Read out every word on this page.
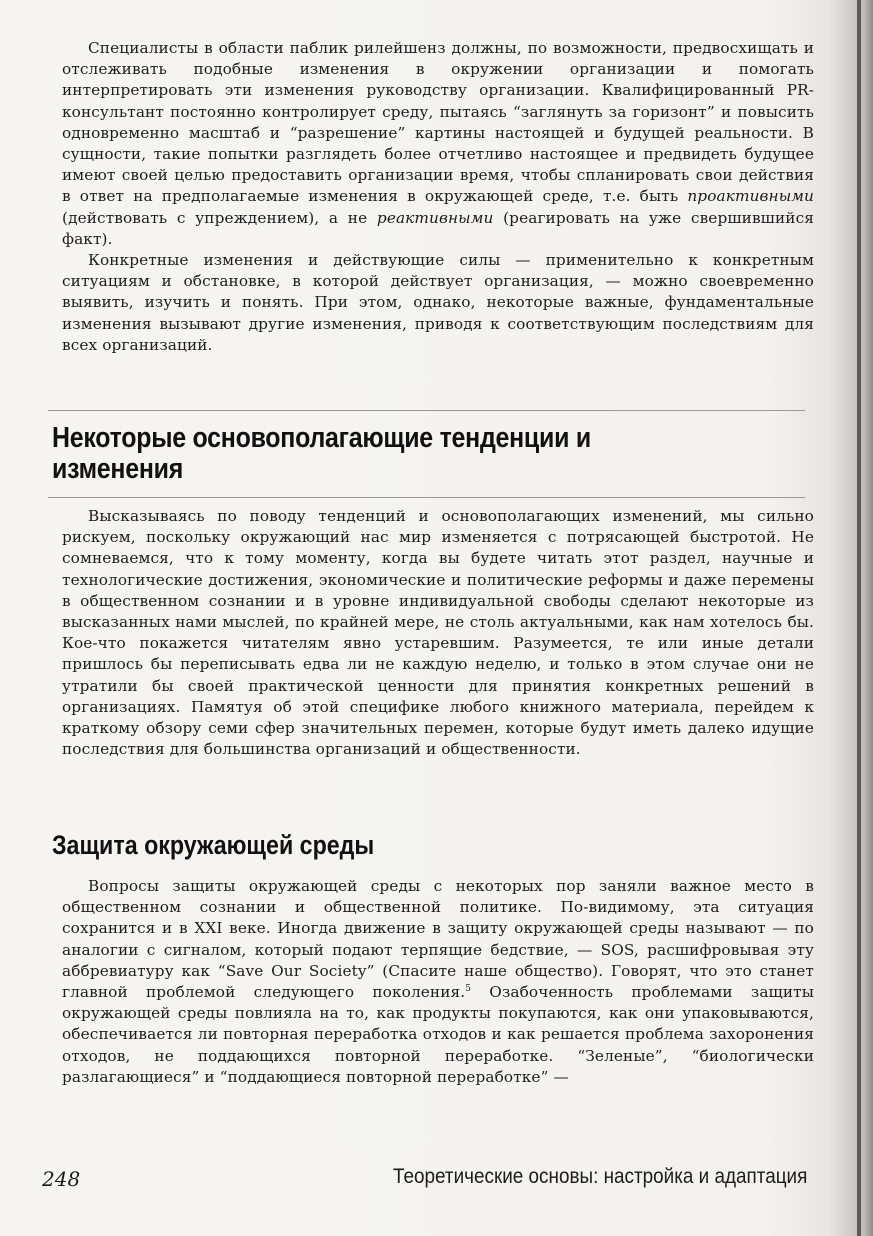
Специалисты в области паблик рилейшенз должны, по возможности, предвосхищать и отслеживать подобные изменения в окружении организации и помогать интерпретировать эти изменения руководству организации. Квалифицированный PR-консультант постоянно контролирует среду, пытаясь “заглянуть за горизонт” и повысить одновременно масштаб и “разрешение” картины настоящей и будущей реальности. В сущности, такие попытки разглядеть более отчетливо настоящее и предвидеть будущее имеют своей целью предоставить организации время, чтобы спланировать свои действия в ответ на предполагаемые изменения в окружающей среде, т.е. быть проактивными (действовать с упреждением), а не реактивными (реагировать на уже свершившийся факт).

Конкретные изменения и действующие силы — применительно к конкретным ситуациям и обстановке, в которой действует организация, — можно своевременно выявить, изучить и понять. При этом, однако, некоторые важные, фундаментальные изменения вызывают другие изменения, приводя к соответствующим последствиям для всех организаций.

Некоторые основополагающие тенденции и изменения

Высказываясь по поводу тенденций и основополагающих изменений, мы сильно рискуем, поскольку окружающий нас мир изменяется с потрясающей быстротой. Не сомневаемся, что к тому моменту, когда вы будете читать этот раздел, научные и технологические достижения, экономические и политические реформы и даже перемены в общественном сознании и в уровне индивидуальной свободы сделают некоторые из высказанных нами мыслей, по крайней мере, не столь актуальными, как нам хотелось бы. Кое-что покажется читателям явно устаревшим. Разумеется, те или иные детали пришлось бы переписывать едва ли не каждую неделю, и только в этом случае они не утратили бы своей практической ценности для принятия конкретных решений в организациях. Памятуя об этой специфике любого книжного материала, перейдем к краткому обзору семи сфер значительных перемен, которые будут иметь далеко идущие последствия для большинства организаций и общественности.

Защита окружающей среды

Вопросы защиты окружающей среды с некоторых пор заняли важное место в общественном сознании и общественной политике. По-видимому, эта ситуация сохранится и в XXI веке. Иногда движение в защиту окружающей среды называют — по аналогии с сигналом, который подают терпящие бедствие, — SOS, расшифровывая эту аббревиатуру как “Save Our Society” (Спасите наше общество). Говорят, что это станет главной проблемой следующего поколения.$^5$ Озабоченность проблемами защиты окружающей среды повлияла на то, как продукты покупаются, как они упаковываются, обеспечивается ли повторная переработка отходов и как решается проблема захоронения отходов, не поддающихся повторной переработке. “Зеленые”, “биологически разлагающиеся” и “поддающиеся повторной переработке” —

248	Теоретические основы: настройка и адаптация
